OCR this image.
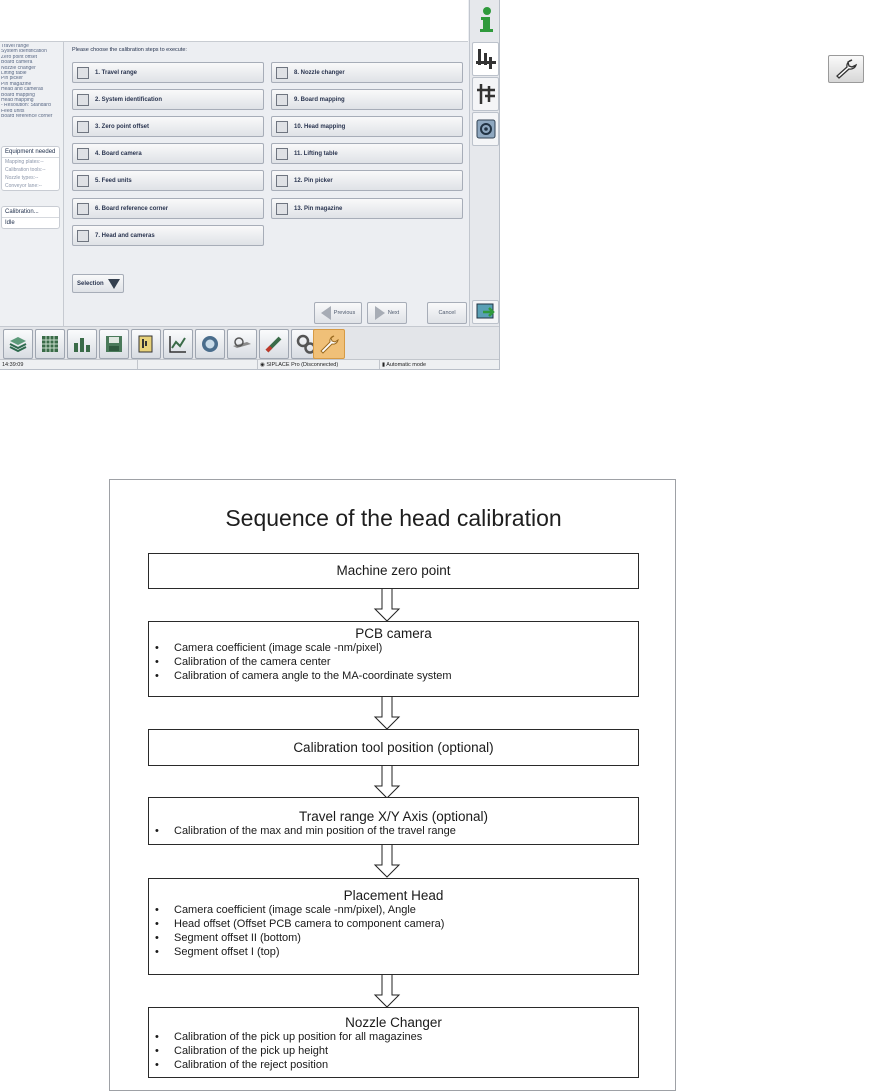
Travel range
System identification
Zero point offset
Board camera
Nozzle changer
Lifting table
Pin picker
Pin magazine
Head and cameras
Board mapping
Head mapping
- Resolution: Standard
Feed units
Board reference corner
Equipment needed
Mapping plates:--
Calibration tools:--
Nozzle types:--
Conveyor lane:--
Calibration...
Idle
Please choose the calibration steps to execute:
1. Travel range
2. System identification
3. Zero point offset
4. Board camera
5. Feed units
6. Board reference corner
7. Head and cameras
8. Nozzle changer
9. Board mapping
10. Head mapping
11. Lifting table
12. Pin picker
13. Pin magazine
Selection
Previous	Next	Cancel
14:39:09	◉ SIPLACE Pro (Disconnected)	▮ Automatic mode
Sequence of the head calibration
Machine zero point
PCB camera
• Camera coefficient (image scale -nm/pixel)
• Calibration of the camera center
• Calibration of camera angle to the MA-coordinate system
Calibration tool position (optional)
Travel range X/Y Axis (optional)
• Calibration of the max and min position of the travel range
Placement Head
• Camera coefficient (image scale -nm/pixel), Angle
• Head offset (Offset PCB camera to component camera)
• Segment offset II (bottom)
• Segment offset I (top)
Nozzle Changer
• Calibration of the pick up position for all magazines
• Calibration of the pick up height
• Calibration of the reject position
